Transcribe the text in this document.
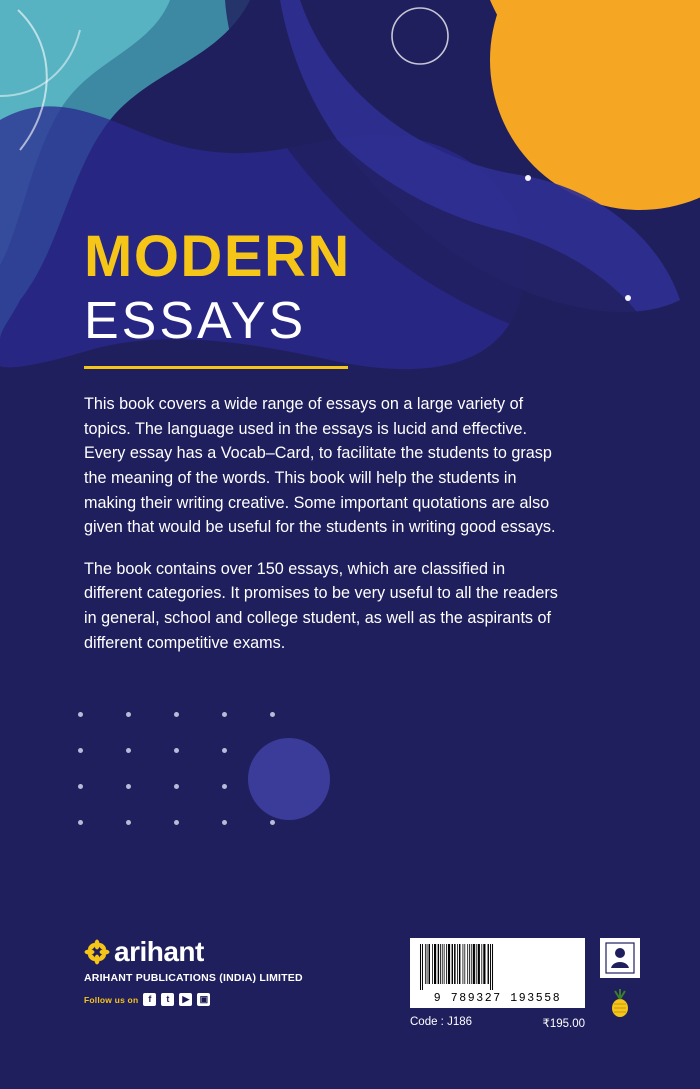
MODERN
ESSAYS

This book covers a wide range of essays on a large variety of topics. The language used in the essays is lucid and effective. Every essay has a Vocab–Card, to facilitate the students to grasp the meaning of the words. This book will help the students in making their writing creative. Some important quotations are also given that would be useful for the students in writing good essays.

The book contains over 150 essays, which are classified in different categories. It promises to be very useful to all the readers in general, school and college student, as well as the aspirants of different competitive exams.

arihant
ARIHANT PUBLICATIONS (INDIA) LIMITED
Follow us on	f	t	▶	▣	9 789327 193558
Code : J186	₹195.00
